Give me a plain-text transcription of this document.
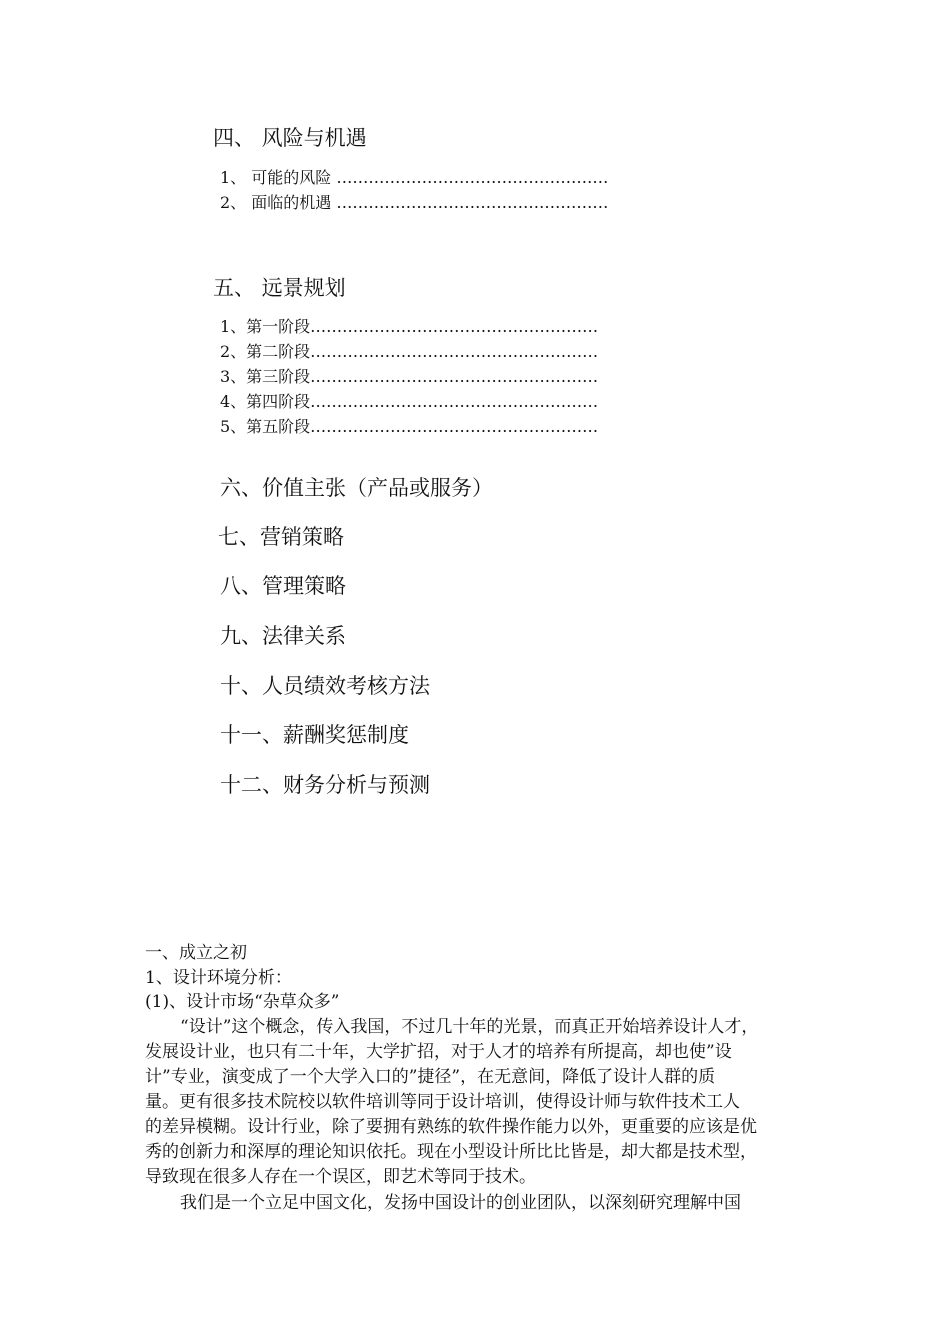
四、 风险与机遇
1、 可能的风险 ……………………………………………
2、 面临的机遇 ……………………………………………
五、 远景规划
1、第一阶段………………………………………………
2、第二阶段………………………………………………
3、第三阶段………………………………………………
4、第四阶段………………………………………………
5、第五阶段………………………………………………
六、价值主张（产品或服务）
七、营销策略
八、管理策略
九、法律关系
十、人员绩效考核方法
十一、薪酬奖惩制度
十二、财务分析与预测
一、成立之初
1、设计环境分析：
(1)、设计市场“杂草众多”
“设计”这个概念，传入我国，不过几十年的光景，而真正开始培养设计人才，
发展设计业，也只有二十年，大学扩招，对于人才的培养有所提高，却也使”设
计”专业，演变成了一个大学入口的”捷径”，在无意间，降低了设计人群的质
量。更有很多技术院校以软件培训等同于设计培训，使得设计师与软件技术工人
的差异模糊。设计行业，除了要拥有熟练的软件操作能力以外，更重要的应该是优
秀的创新力和深厚的理论知识依托。现在小型设计所比比皆是，却大都是技术型，
导致现在很多人存在一个误区，即艺术等同于技术。
我们是一个立足中国文化，发扬中国设计的创业团队，以深刻研究理解中国
